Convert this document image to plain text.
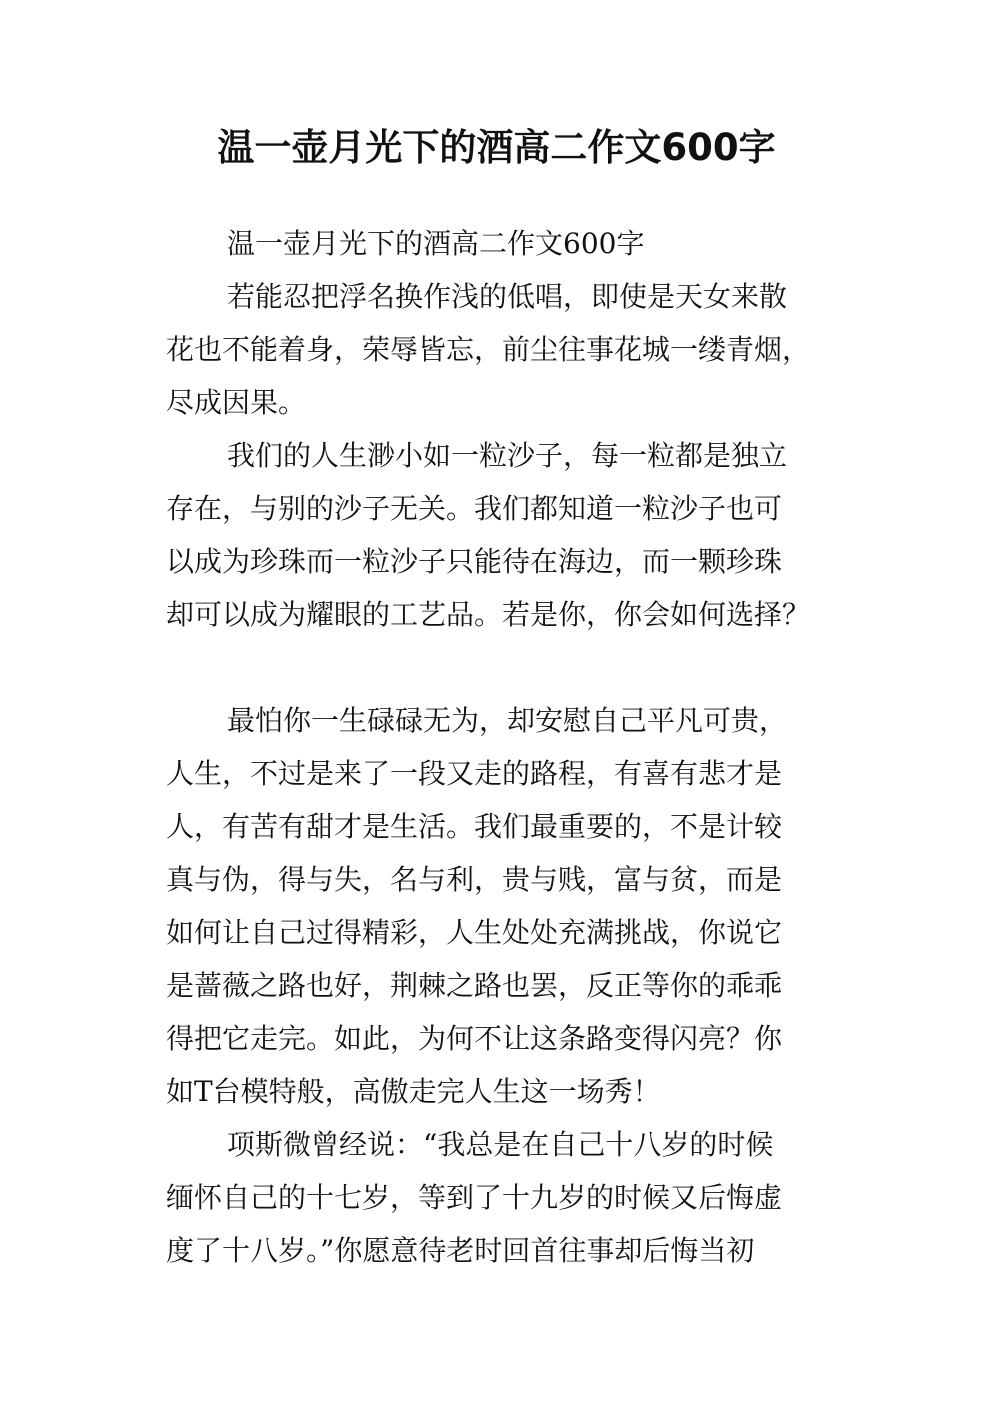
温一壶月光下的酒高二作文600字
温一壶月光下的酒高二作文600字
若能忍把浮名换作浅的低唱，即使是天女来散
花也不能着身，荣辱皆忘，前尘往事花城一缕青烟，
尽成因果。
我们的人生渺小如一粒沙子，每一粒都是独立
存在，与别的沙子无关。我们都知道一粒沙子也可
以成为珍珠而一粒沙子只能待在海边，而一颗珍珠
却可以成为耀眼的工艺品。若是你，你会如何选择？
最怕你一生碌碌无为，却安慰自己平凡可贵，
人生，不过是来了一段又走的路程，有喜有悲才是
人，有苦有甜才是生活。我们最重要的，不是计较
真与伪，得与失，名与利，贵与贱，富与贫，而是
如何让自己过得精彩，人生处处充满挑战，你说它
是蔷薇之路也好，荆棘之路也罢，反正等你的乖乖
得把它走完。如此，为何不让这条路变得闪亮？你
如T台模特般，高傲走完人生这一场秀！
项斯微曾经说：“我总是在自己十八岁的时候
缅怀自己的十七岁，等到了十九岁的时候又后悔虚
度了十八岁。”你愿意待老时回首往事却后悔当初
